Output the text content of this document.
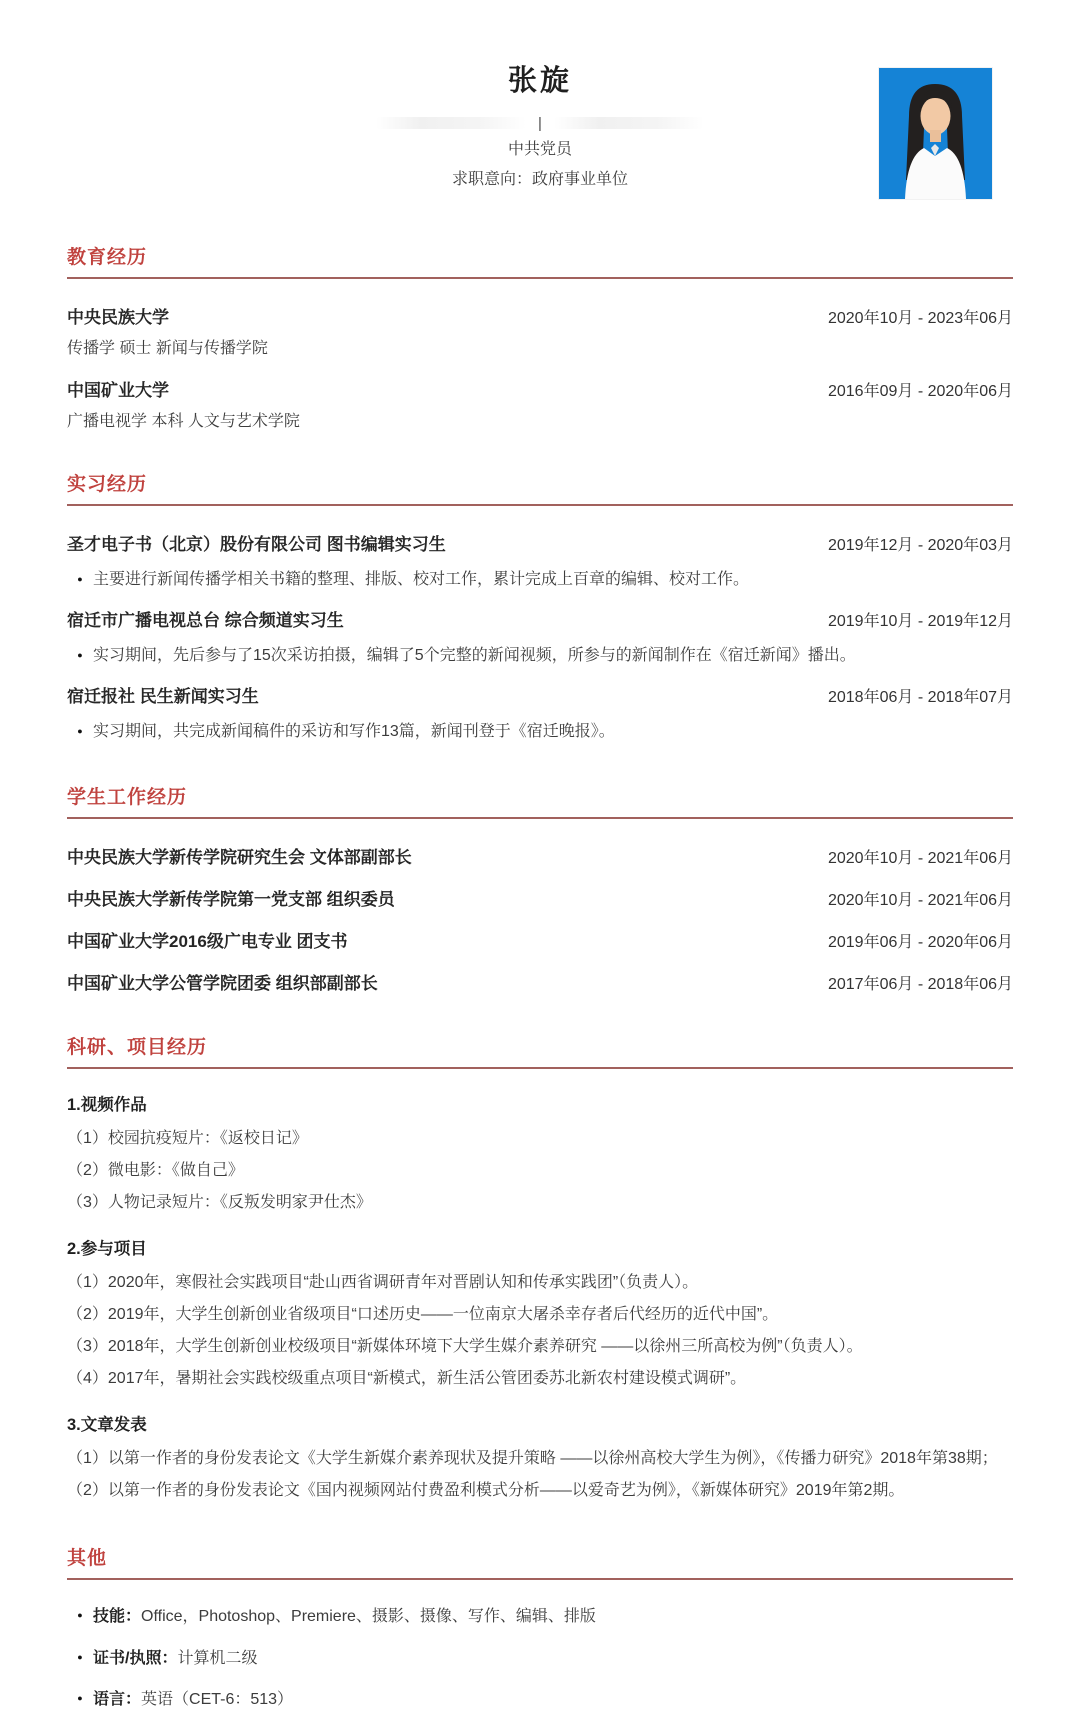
张旋
|
中共党员
求职意向：政府事业单位
教育经历
中央民族大学	2020年10月 - 2023年06月
传播学 硕士 新闻与传播学院
中国矿业大学	2016年09月 - 2020年06月
广播电视学 本科 人文与艺术学院
实习经历
圣才电子书（北京）股份有限公司 图书编辑实习生	2019年12月 - 2020年03月
● 主要进行新闻传播学相关书籍的整理、排版、校对工作，累计完成上百章的编辑、校对工作。
宿迁市广播电视总台 综合频道实习生	2019年10月 - 2019年12月
● 实习期间，先后参与了15次采访拍摄，编辑了5个完整的新闻视频，所参与的新闻制作在《宿迁新闻》播出。
宿迁报社 民生新闻实习生	2018年06月 - 2018年07月
● 实习期间，共完成新闻稿件的采访和写作13篇，新闻刊登于《宿迁晚报》。
学生工作经历
中央民族大学新传学院研究生会 文体部副部长	2020年10月 - 2021年06月
中央民族大学新传学院第一党支部 组织委员	2020年10月 - 2021年06月
中国矿业大学2016级广电专业 团支书	2019年06月 - 2020年06月
中国矿业大学公管学院团委 组织部副部长	2017年06月 - 2018年06月
科研、项目经历
1.视频作品
（1）校园抗疫短片：《返校日记》
（2）微电影：《做自己》
（3）人物记录短片：《反叛发明家尹仕杰》
2.参与项目
（1）2020年，寒假社会实践项目“赴山西省调研青年对晋剧认知和传承实践团”（负责人）。
（2）2019年，大学生创新创业省级项目“口述历史——一位南京大屠杀幸存者后代经历的近代中国”。
（3）2018年，大学生创新创业校级项目“新媒体环境下大学生媒介素养研究 ——以徐州三所高校为例”（负责人）。
（4）2017年，暑期社会实践校级重点项目“新模式，新生活公管团委苏北新农村建设模式调研”。
3.文章发表
（1）以第一作者的身份发表论文《大学生新媒介素养现状及提升策略 ——以徐州高校大学生为例》，《传播力研究》2018年第38期；
（2）以第一作者的身份发表论文《国内视频网站付费盈利模式分析——以爱奇艺为例》，《新媒体研究》2019年第2期。
其他
● 技能：Office，Photoshop、Premiere、摄影、摄像、写作、编辑、排版
● 证书/执照：计算机二级
● 语言：英语（CET-6：513）
